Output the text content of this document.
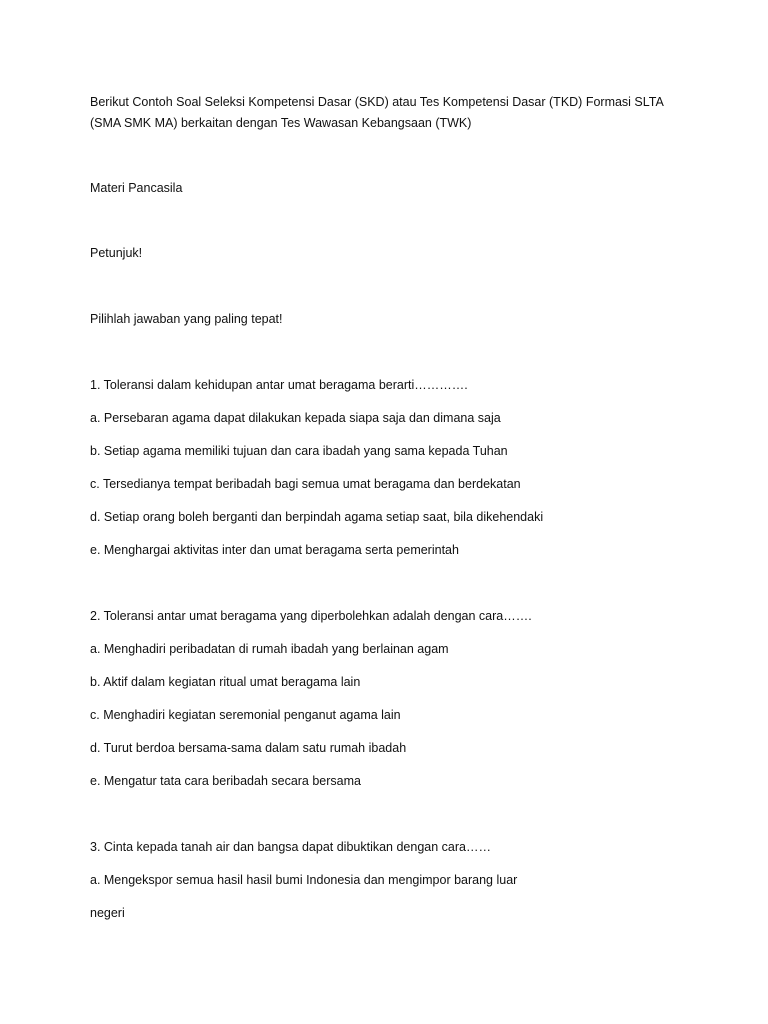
Berikut Contoh Soal Seleksi Kompetensi Dasar (SKD) atau Tes Kompetensi Dasar (TKD) Formasi SLTA

(SMA SMK MA) berkaitan dengan Tes Wawasan Kebangsaan (TWK)

Materi Pancasila

Petunjuk!

Pilihlah jawaban yang paling tepat!

1. Toleransi dalam kehidupan antar umat beragama berarti………….

a. Persebaran agama dapat dilakukan kepada siapa saja dan dimana saja

b. Setiap agama memiliki tujuan dan cara ibadah yang sama kepada Tuhan

c. Tersedianya tempat beribadah bagi semua umat beragama dan berdekatan

d. Setiap orang boleh berganti dan berpindah agama setiap saat, bila dikehendaki

e. Menghargai aktivitas inter dan umat beragama serta pemerintah

2. Toleransi antar umat beragama yang diperbolehkan adalah dengan cara…….

a. Menghadiri peribadatan di rumah ibadah yang berlainan agam

b. Aktif dalam kegiatan ritual umat beragama lain

c. Menghadiri kegiatan seremonial penganut agama lain

d. Turut berdoa bersama-sama dalam satu rumah ibadah

e. Mengatur tata cara beribadah secara bersama

3. Cinta kepada tanah air dan bangsa dapat dibuktikan dengan cara……

a. Mengekspor semua hasil hasil bumi Indonesia dan mengimpor barang luar

negeri
